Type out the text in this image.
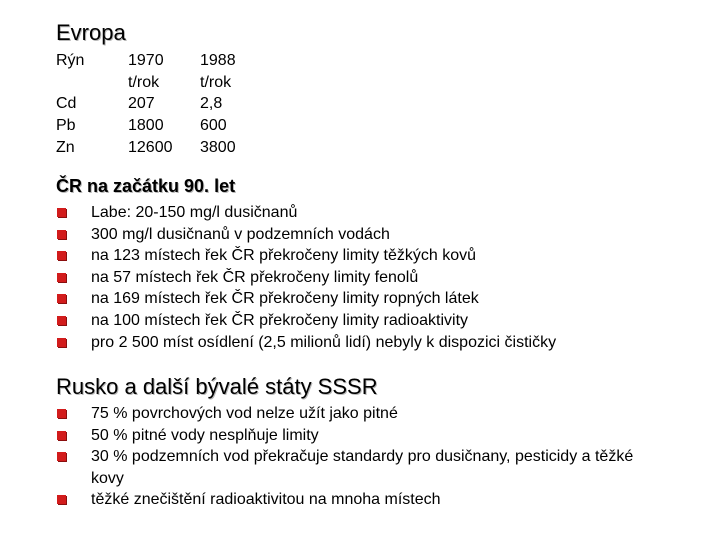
Evropa
Rýn
Cd
Pb
Zn
1970
t/rok
207
1800
12600
1988
t/rok
2,8
600
3800
ČR na začátku 90. let
Labe: 20-150 mg/l dusičnanů
300 mg/l dusičnanů v podzemních vodách
na 123 místech řek ČR překročeny limity těžkých kovů
na 57 místech řek ČR překročeny limity fenolů
na 169 místech řek ČR překročeny limity ropných látek
na 100 místech řek ČR překročeny limity radioaktivity
pro 2 500 míst osídlení (2,5 milionů lidí) nebyly k dispozici čističky
Rusko a další bývalé státy SSSR
75 % povrchových vod nelze užít jako pitné
50 % pitné vody nesplňuje limity
30 % podzemních vod překračuje standardy pro dusičnany, pesticidy a těžké kovy
těžké znečištění radioaktivitou na mnoha místech
